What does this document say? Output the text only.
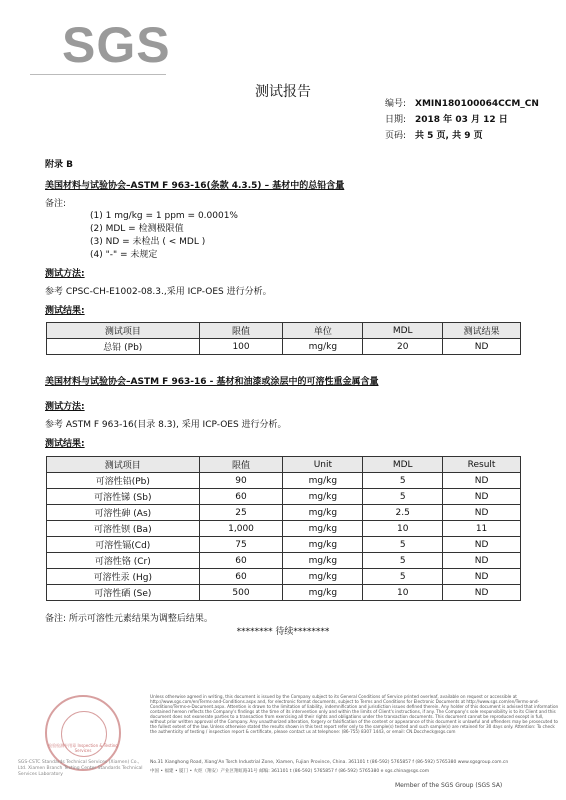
SGS
测试报告
编号: XMIN180100064CCM_CN
日期: 2018 年 03 月 12 日
页码: 共 5 页, 共 9 页
附录 B
美国材料与试验协会–ASTM F 963-16(条款 4.3.5) – 基材中的总铅含量
备注:
(1) 1 mg/kg = 1 ppm = 0.0001%
(2) MDL = 检测极限值
(3) ND = 未检出 ( < MDL )
(4) "-" = 未规定
测试方法:
参考 CPSC-CH-E1002-08.3.,采用 ICP-OES 进行分析。
测试结果:
测试项目	限值	单位	MDL	测试结果
总铅 (Pb)	100	mg/kg	20	ND
美国材料与试验协会–ASTM F 963-16 - 基材和油漆或涂层中的可溶性重金属含量
测试方法:
参考 ASTM F 963-16(目录 8.3), 采用 ICP-OES 进行分析。
测试结果:
测试项目	限值	Unit	MDL	Result
可溶性铅(Pb)	90	mg/kg	5	ND
可溶性锑 (Sb)	60	mg/kg	5	ND
可溶性砷 (As)	25	mg/kg	2.5	ND
可溶性钡 (Ba)	1,000	mg/kg	10	11
可溶性镉(Cd)	75	mg/kg	5	ND
可溶性铬 (Cr)	60	mg/kg	5	ND
可溶性汞 (Hg)	60	mg/kg	5	ND
可溶性硒 (Se)	500	mg/kg	10	ND
备注: 所示可溶性元素结果为调整后结果。
******** 待续********
Unless otherwise agreed in writing, this document is issued by the Company subject to its General Conditions of Service printed overleaf, available on request or accessible at http://www.sgs.com/en/Terms-and-Conditions.aspx and, for electronic format documents, subject to Terms and Conditions for Electronic Documents at http://www.sgs.com/en/Terms-and-Conditions/Terms-e-Document.aspx. Attention is drawn to the limitation of liability, indemnification and jurisdiction issues defined therein. Any holder of this document is advised that information contained hereon reflects the Company's findings at the time of its intervention only and within the limits of Client's instructions, if any. The Company's sole responsibility is to its Client and this document does not exonerate parties to a transaction from exercising all their rights and obligations under the transaction documents. This document cannot be reproduced except in full, without prior written approval of the Company. Any unauthorized alteration, forgery or falsification of the content or appearance of this document is unlawful and offenders may be prosecuted to the fullest extent of the law. Unless otherwise stated the results shown in this test report refer only to the sample(s) tested and such sample(s) are retained for 30 days only. Attention: To check the authenticity of testing / inspection report & certificate, please contact us at telephone: (86-755) 8307 1443, or email: CN.Doccheck@sgs.com
检验检测专用章 Inspection & Testing Services
SGS-CSTC Standards Technical Services (Xiamen) Co., Ltd. Xiamen Branch Testing Center Standards Technical Services Laboratory
No.31 Xianghong Road, Xiang'An Torch Industrial Zone, Xiamen, Fujian Province, China. 361101 t (86-592) 5765857 f (86-592) 5765380 www.sgsgroup.com.cn
中国 • 福建 • 厦门 • 火炬（翔安）产业区翔虹路31号 邮编: 361101 t (86-592) 5765857 f (86-592) 5765380 e sgs.china@sgs.com
Member of the SGS Group (SGS SA)
